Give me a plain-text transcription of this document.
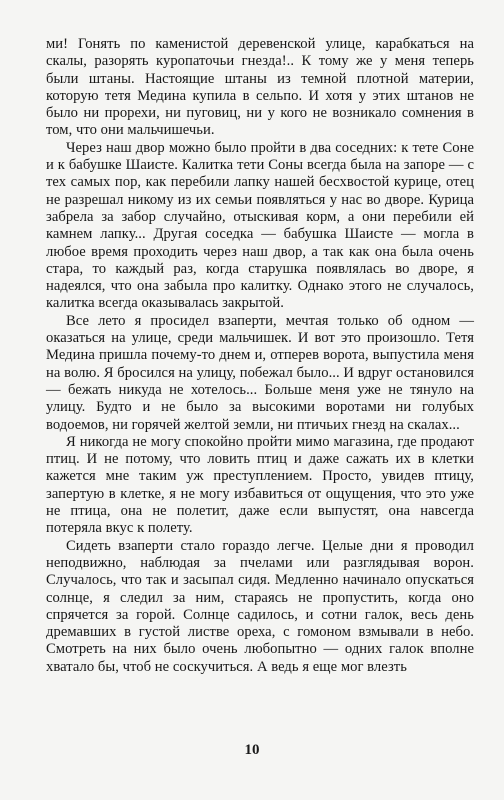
ми! Гонять по каменистой деревенской улице, карабкаться на скалы, разорять куропаточьи гнезда!.. К тому же у меня теперь были штаны. Настоящие штаны из темной плотной материи, которую тетя Медина купила в сельпо. И хотя у этих штанов не было ни прорехи, ни пуговиц, ни у кого не возникало сомнения в том, что они мальчишечьи.

Через наш двор можно было пройти в два соседних: к тете Соне и к бабушке Шаисте. Калитка тети Соны всегда была на запоре — с тех самых пор, как перебили лапку нашей бесхвостой курице, отец не разрешал никому из их семьи появляться у нас во дворе. Курица забрела за забор случайно, отыскивая корм, а они перебили ей камнем лапку... Другая соседка — бабушка Шаисте — могла в любое время проходить через наш двор, а так как она была очень стара, то каждый раз, когда старушка появлялась во дворе, я надеялся, что она забыла про калитку. Однако этого не случалось, калитка всегда оказывалась закрытой.

Все лето я просидел взаперти, мечтая только об одном — оказаться на улице, среди мальчишек. И вот это произошло. Тетя Медина пришла почему-то днем и, отперев ворота, выпустила меня на волю. Я бросился на улицу, побежал было... И вдруг остановился — бежать никуда не хотелось... Больше меня уже не тянуло на улицу. Будто и не было за высокими воротами ни голубых водоемов, ни горячей желтой земли, ни птичьих гнезд на скалах...

Я никогда не могу спокойно пройти мимо магазина, где продают птиц. И не потому, что ловить птиц и даже сажать их в клетки кажется мне таким уж преступлением. Просто, увидев птицу, запертую в клетке, я не могу избавиться от ощущения, что это уже не птица, она не полетит, даже если выпустят, она навсегда потеряла вкус к полету.

Сидеть взаперти стало гораздо легче. Целые дни я проводил неподвижно, наблюдая за пчелами или разглядывая ворон. Случалось, что так и засыпал сидя. Медленно начинало опускаться солнце, я следил за ним, стараясь не пропустить, когда оно спрячется за горой. Солнце садилось, и сотни галок, весь день дремавших в густой листве ореха, с гомоном взмывали в небо. Смотреть на них было очень любопытно — одних галок вполне хватало бы, чтоб не соскучиться. А ведь я еще мог влезть

10
